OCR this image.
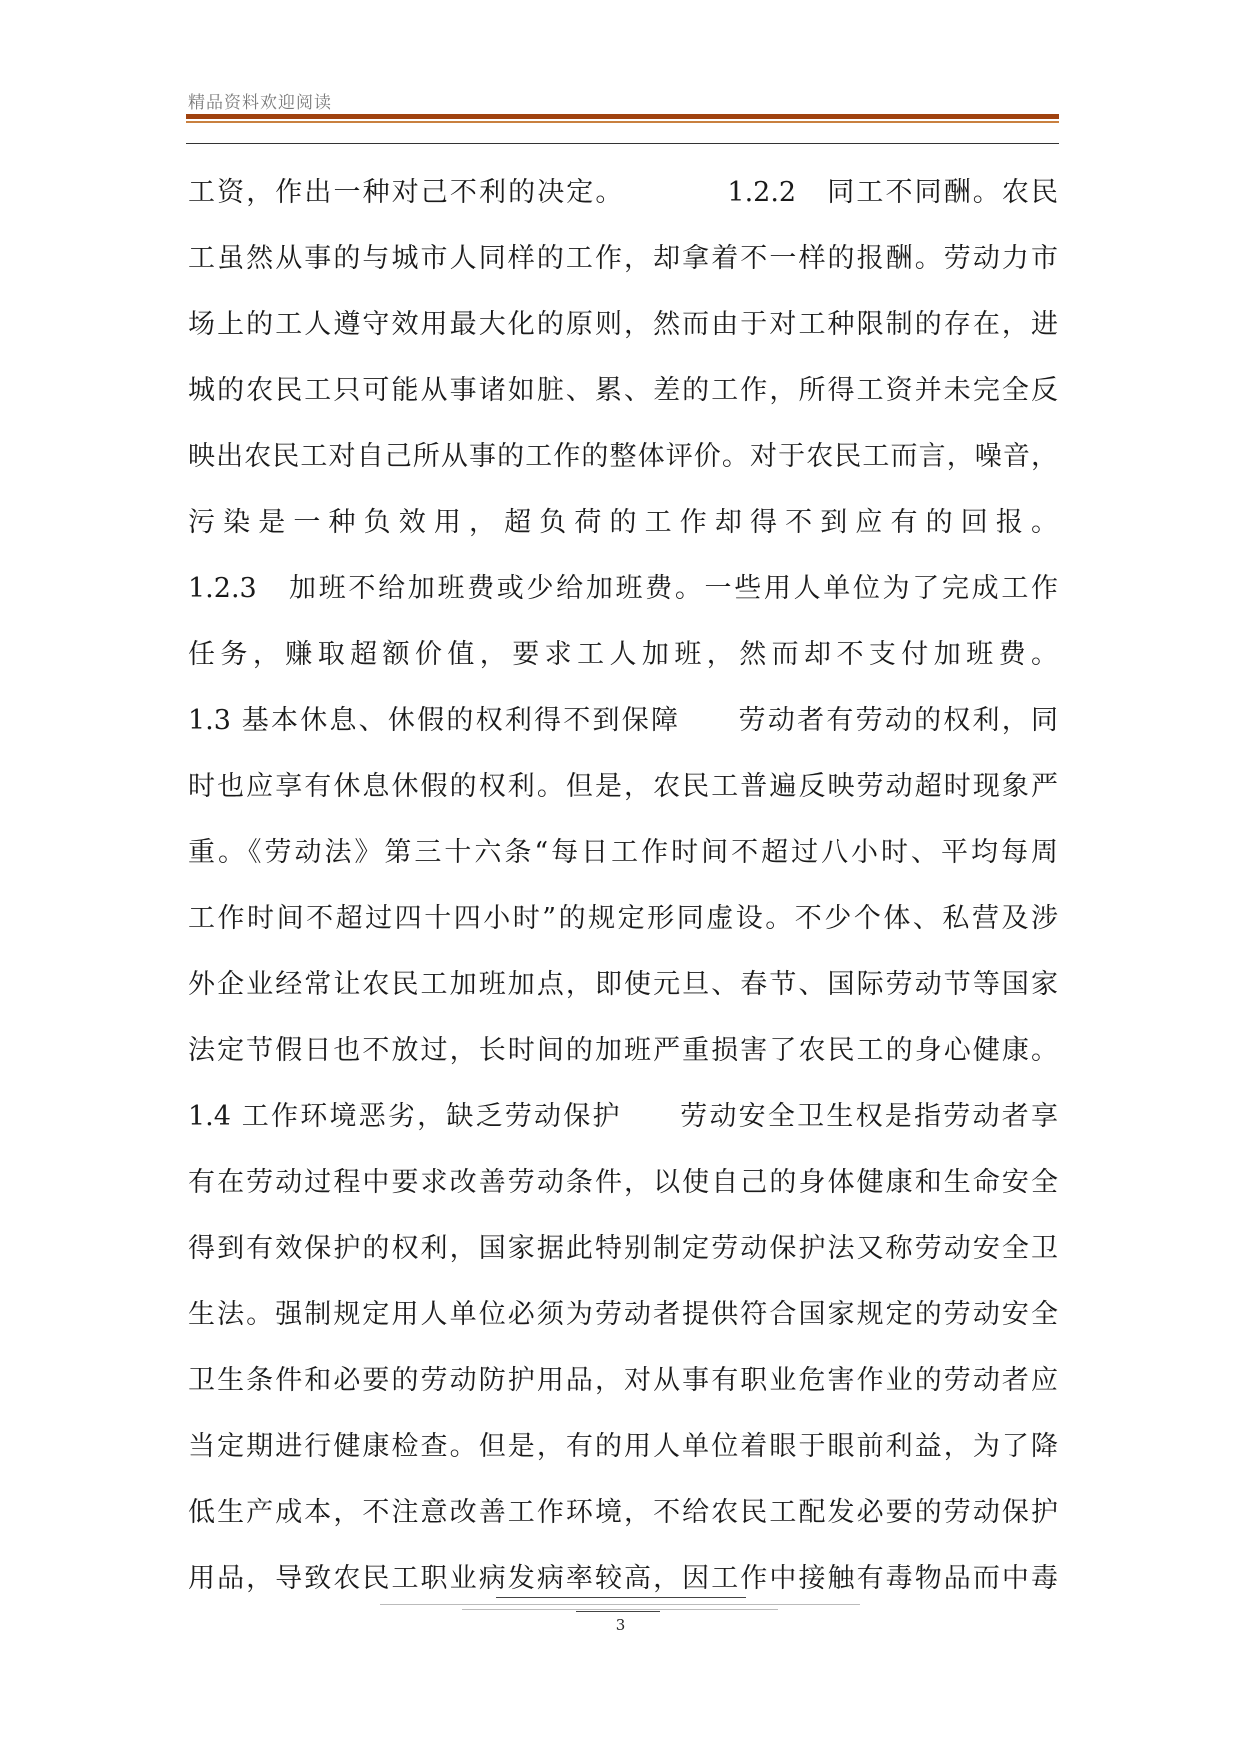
精品资料欢迎阅读
工资，作出一种对己不利的决定。　　　　1.2.2　同工不同酬。农民
工虽然从事的与城市人同样的工作，却拿着不一样的报酬。劳动力市
场上的工人遵守效用最大化的原则，然而由于对工种限制的存在，进
城的农民工只可能从事诸如脏、累、差的工作，所得工资并未完全反
映出农民工对自己所从事的工作的整体评价。对于农民工而言，噪音，
污染是一种负效用，超负荷的工作却得不到应有的回报。
1.2.3　加班不给加班费或少给加班费。一些用人单位为了完成工作
任务，赚取超额价值，要求工人加班，然而却不支付加班费。
1.3 基本休息、休假的权利得不到保障　　劳动者有劳动的权利，同
时也应享有休息休假的权利。但是，农民工普遍反映劳动超时现象严
重。《劳动法》第三十六条“每日工作时间不超过八小时、平均每周
工作时间不超过四十四小时”的规定形同虚设。不少个体、私营及涉
外企业经常让农民工加班加点，即使元旦、春节、国际劳动节等国家
法定节假日也不放过，长时间的加班严重损害了农民工的身心健康。
1.4 工作环境恶劣，缺乏劳动保护　　劳动安全卫生权是指劳动者享
有在劳动过程中要求改善劳动条件，以使自己的身体健康和生命安全
得到有效保护的权利，国家据此特别制定劳动保护法又称劳动安全卫
生法。强制规定用人单位必须为劳动者提供符合国家规定的劳动安全
卫生条件和必要的劳动防护用品，对从事有职业危害作业的劳动者应
当定期进行健康检查。但是，有的用人单位着眼于眼前利益，为了降
低生产成本，不注意改善工作环境，不给农民工配发必要的劳动保护
用品，导致农民工职业病发病率较高，因工作中接触有毒物品而中毒
3
